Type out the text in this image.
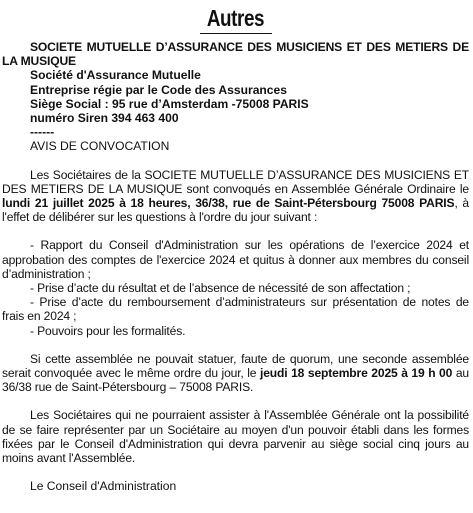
Autres
SOCIETE MUTUELLE D’ASSURANCE DES MUSICIENS ET DES METIERS DE LA MUSIQUE
Société d'Assurance Mutuelle
Entreprise régie par le Code des Assurances
Siège Social : 95 rue d’Amsterdam -75008 PARIS
numéro Siren 394 463 400
------
AVIS DE CONVOCATION
Les Sociétaires de la SOCIETE MUTUELLE D’ASSURANCE DES MUSICIENS ET DES METIERS DE LA MUSIQUE sont convoqués en Assemblée Générale Ordinaire le lundi 21 juillet 2025 à 18 heures, 36/38, rue de Saint-Pétersbourg 75008 PARIS, à l'effet de délibérer sur les questions à l'ordre du jour suivant :
- Rapport du Conseil d'Administration sur les opérations de l’exercice 2024 et approbation des comptes de l'exercice 2024 et quitus à donner aux membres du conseil d’administration ;
- Prise d’acte du résultat et de l’absence de nécessité de son affectation ;
- Prise d’acte du remboursement d’administrateurs sur présentation de notes de frais en 2024 ;
- Pouvoirs pour les formalités.
Si cette assemblée ne pouvait statuer, faute de quorum, une seconde assemblée serait convoquée avec le même ordre du jour, le jeudi 18 septembre 2025 à 19 h 00 au 36/38 rue de Saint-Pétersbourg – 75008 PARIS.
Les Sociétaires qui ne pourraient assister à l'Assemblée Générale ont la possibilité de se faire représenter par un Sociétaire au moyen d'un pouvoir établi dans les formes fixées par le Conseil d'Administration qui devra parvenir au siège social cinq jours au moins avant l'Assemblée.
Le Conseil d'Administration
